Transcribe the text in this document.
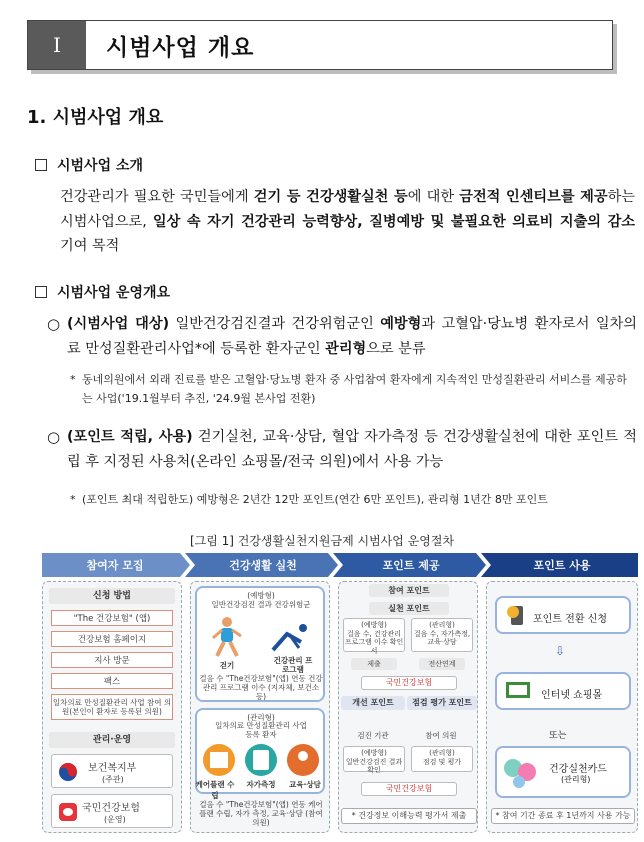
Ⅰ	시범사업 개요
1. 시범사업 개요
시범사업 소개
건강관리가 필요한 국민들에게 걷기 등 건강생활실천 등에 대한 금전적 인센티브를 제공하는 시범사업으로, 일상 속 자기 건강관리 능력향상, 질병예방 및 불필요한 의료비 지출의 감소 기여 목적
시범사업 운영개요
○ (시범사업 대상) 일반건강검진결과 건강위험군인 예방형과 고혈압·당뇨병 환자로서 일차의료 만성질환관리사업*에 등록한 환자군인 관리형으로 분류
* 동네의원에서 외래 진료를 받은 고혈압·당뇨병 환자 중 사업참여 환자에게 지속적인 만성질환관리 서비스를 제공하는 사업('19.1월부터 추진, '24.9월 본사업 전환)
○ (포인트 적립, 사용) 걷기실천, 교육·상담, 혈압 자가측정 등 건강생활실천에 대한 포인트 적립 후 지정된 사용처(온라인 쇼핑몰/전국 의원)에서 사용 가능
* (포인트 최대 적립한도) 예방형은 2년간 12만 포인트(연간 6만 포인트), 관리형 1년간 8만 포인트
[그림 1] 건강생활실천지원금제 시범사업 운영절차
참여자 모집	건강생활 실천	포인트 제공	포인트 사용
신청 방법
"The 건강보험" (앱)
건강보험 홈페이지
지사 방문
팩스
일차의료 만성질환관리 사업 참여 의원(본인이 환자로 등록된 의원)
관리·운영
보건복지부
(주관)
국민건강보험
(운영)
(예방형)
일반건강검진 결과 건강위험군
걷기
건강관리 프로그램
걸음 수 "The건강보험"(앱) 연동 건강관리 프로그램 이수 (지자체, 보건소 등)
(관리형)
일차의료 만성질환관리 사업 등록 환자
케어플랜 수립
자가측정	교육·상담
걸음 수 "The건강보험"(앱) 연동 케어플랜 수립, 자가 측정, 교육·상담 (참여 의원)
참여 포인트
실천 포인트
(예방형)
걸음 수, 건강관리 프로그램 이수 확인서
(관리형)
걸음 수, 자가측정, 교육·상담
제출	전산연계
국민건강보험
개선 포인트	점검 평가 포인트
검진 기관	참여 의원
(예방형)
일반건강검진 결과 확인
(관리형)
점검 및 평가
국민건강보험
* 건강정보 이해능력 평가서 제출
포인트 전환 신청
⇩
인터넷 쇼핑몰
또는
건강실천카드
(관리형)
* 참여 기간 종료 후 1년까지 사용 가능
